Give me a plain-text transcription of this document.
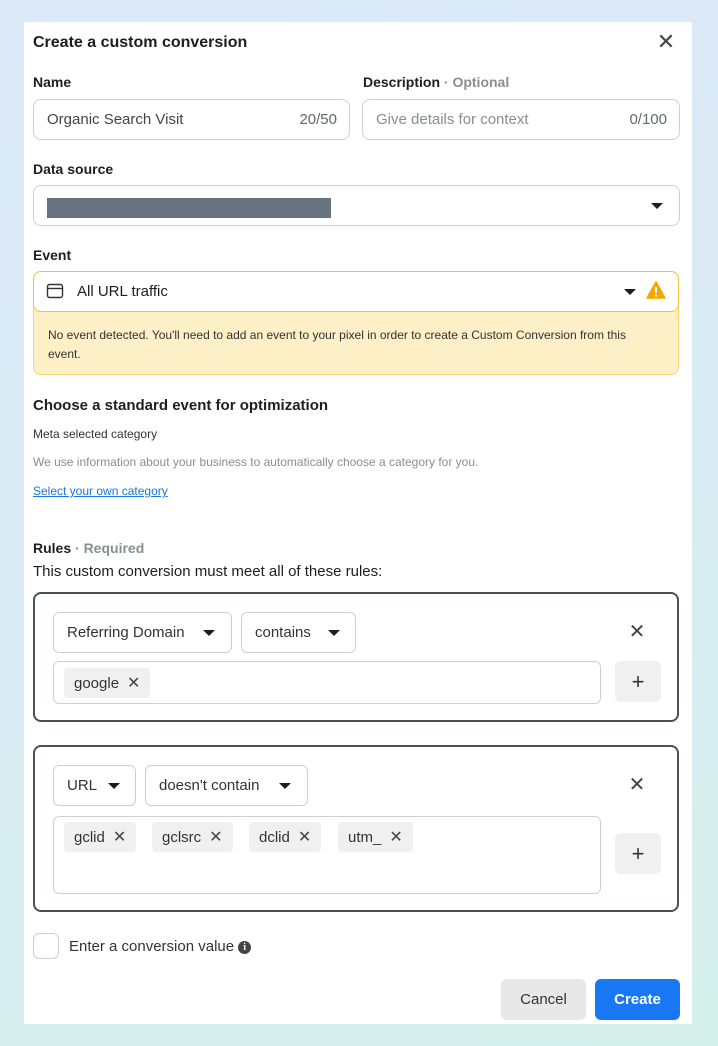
Create a custom conversion	✕
Name
Organic Search Visit	20/50
Description · Optional
Give details for context	0/100
Data source
Event
All URL traffic
No event detected. You'll need to add an event to your pixel in order to create a Custom Conversion from this event.
Choose a standard event for optimization
Meta selected category
We use information about your business to automatically choose a category for you.
Select your own category
Rules · Required
This custom conversion must meet all of these rules:
Referring Domain	contains	✕
google ✕	+
URL	doesn't contain	✕
gclid ✕	gclsrc ✕	dclid ✕	utm_ ✕
+
Enter a conversion value i
Cancel	Create
